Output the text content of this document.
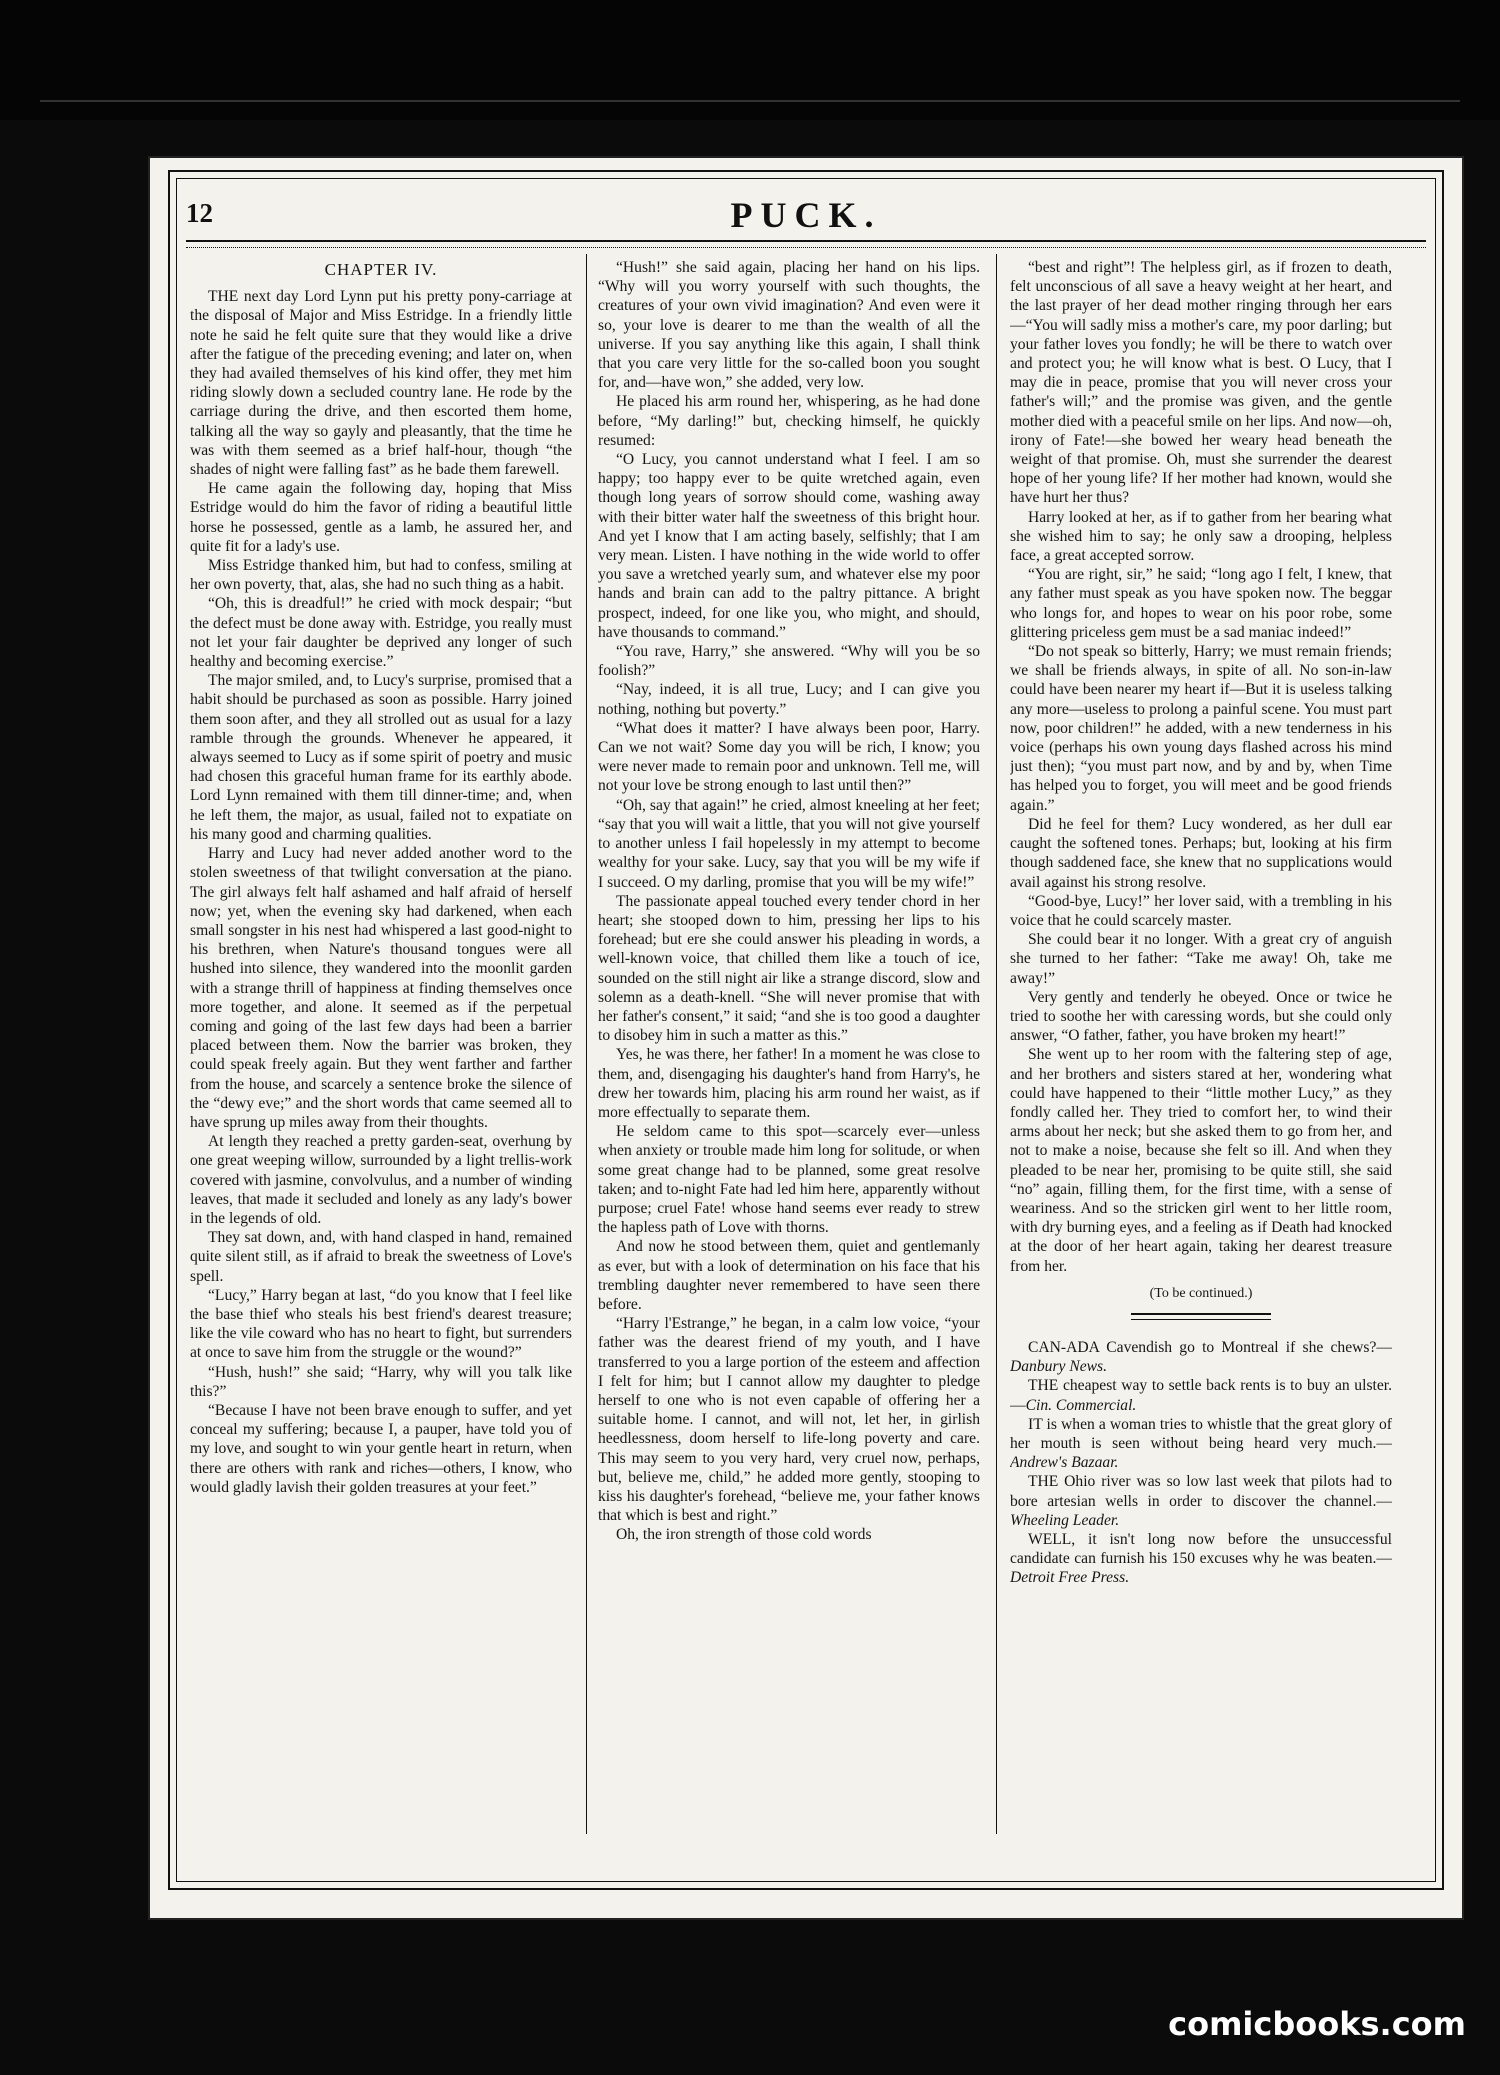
12	PUCK.
CHAPTER IV.

THE next day Lord Lynn put his pretty pony-carriage at the disposal of Major and Miss Estridge. In a friendly little note he said he felt quite sure that they would like a drive after the fatigue of the preceding evening; and later on, when they had availed themselves of his kind offer, they met him riding slowly down a secluded country lane. He rode by the carriage during the drive, and then escorted them home, talking all the way so gayly and pleasantly, that the time he was with them seemed as a brief half-hour, though “the shades of night were falling fast” as he bade them farewell.

He came again the following day, hoping that Miss Estridge would do him the favor of riding a beautiful little horse he possessed, gentle as a lamb, he assured her, and quite fit for a lady's use.

Miss Estridge thanked him, but had to confess, smiling at her own poverty, that, alas, she had no such thing as a habit.

“Oh, this is dreadful!” he cried with mock despair; “but the defect must be done away with. Estridge, you really must not let your fair daughter be deprived any longer of such healthy and becoming exercise.”

The major smiled, and, to Lucy's surprise, promised that a habit should be purchased as soon as possible. Harry joined them soon after, and they all strolled out as usual for a lazy ramble through the grounds. Whenever he appeared, it always seemed to Lucy as if some spirit of poetry and music had chosen this graceful human frame for its earthly abode. Lord Lynn remained with them till dinner-time; and, when he left them, the major, as usual, failed not to expatiate on his many good and charming qualities.

Harry and Lucy had never added another word to the stolen sweetness of that twilight conversation at the piano. The girl always felt half ashamed and half afraid of herself now; yet, when the evening sky had darkened, when each small songster in his nest had whispered a last good-night to his brethren, when Nature's thousand tongues were all hushed into silence, they wandered into the moonlit garden with a strange thrill of happiness at finding themselves once more together, and alone. It seemed as if the perpetual coming and going of the last few days had been a barrier placed between them. Now the barrier was broken, they could speak freely again. But they went farther and farther from the house, and scarcely a sentence broke the silence of the “dewy eve;” and the short words that came seemed all to have sprung up miles away from their thoughts.

At length they reached a pretty garden-seat, overhung by one great weeping willow, surrounded by a light trellis-work covered with jasmine, convolvulus, and a number of winding leaves, that made it secluded and lonely as any lady's bower in the legends of old.

They sat down, and, with hand clasped in hand, remained quite silent still, as if afraid to break the sweetness of Love's spell.

“Lucy,” Harry began at last, “do you know that I feel like the base thief who steals his best friend's dearest treasure; like the vile coward who has no heart to fight, but surrenders at once to save him from the struggle or the wound?”

“Hush, hush!” she said; “Harry, why will you talk like this?”

“Because I have not been brave enough to suffer, and yet conceal my suffering; because I, a pauper, have told you of my love, and sought to win your gentle heart in return, when there are others with rank and riches—others, I know, who would gladly lavish their golden treasures at your feet.”

“Hush!” she said again, placing her hand on his lips. “Why will you worry yourself with such thoughts, the creatures of your own vivid imagination? And even were it so, your love is dearer to me than the wealth of all the universe. If you say anything like this again, I shall think that you care very little for the so-called boon you sought for, and—have won,” she added, very low.

He placed his arm round her, whispering, as he had done before, “My darling!” but, checking himself, he quickly resumed:

“O Lucy, you cannot understand what I feel. I am so happy; too happy ever to be quite wretched again, even though long years of sorrow should come, washing away with their bitter water half the sweetness of this bright hour. And yet I know that I am acting basely, selfishly; that I am very mean. Listen. I have nothing in the wide world to offer you save a wretched yearly sum, and whatever else my poor hands and brain can add to the paltry pittance. A bright prospect, indeed, for one like you, who might, and should, have thousands to command.”

“You rave, Harry,” she answered. “Why will you be so foolish?”

“Nay, indeed, it is all true, Lucy; and I can give you nothing, nothing but poverty.”

“What does it matter? I have always been poor, Harry. Can we not wait? Some day you will be rich, I know; you were never made to remain poor and unknown. Tell me, will not your love be strong enough to last until then?”

“Oh, say that again!” he cried, almost kneeling at her feet; “say that you will wait a little, that you will not give yourself to another unless I fail hopelessly in my attempt to become wealthy for your sake. Lucy, say that you will be my wife if I succeed. O my darling, promise that you will be my wife!”

The passionate appeal touched every tender chord in her heart; she stooped down to him, pressing her lips to his forehead; but ere she could answer his pleading in words, a well-known voice, that chilled them like a touch of ice, sounded on the still night air like a strange discord, slow and solemn as a death-knell. “She will never promise that with her father's consent,” it said; “and she is too good a daughter to disobey him in such a matter as this.”

Yes, he was there, her father! In a moment he was close to them, and, disengaging his daughter's hand from Harry's, he drew her towards him, placing his arm round her waist, as if more effectually to separate them.

He seldom came to this spot—scarcely ever—unless when anxiety or trouble made him long for solitude, or when some great change had to be planned, some great resolve taken; and to-night Fate had led him here, apparently without purpose; cruel Fate! whose hand seems ever ready to strew the hapless path of Love with thorns.

And now he stood between them, quiet and gentlemanly as ever, but with a look of determination on his face that his trembling daughter never remembered to have seen there before.

“Harry l'Estrange,” he began, in a calm low voice, “your father was the dearest friend of my youth, and I have transferred to you a large portion of the esteem and affection I felt for him; but I cannot allow my daughter to pledge herself to one who is not even capable of offering her a suitable home. I cannot, and will not, let her, in girlish heedlessness, doom herself to life-long poverty and care. This may seem to you very hard, very cruel now, perhaps, but, believe me, child,” he added more gently, stooping to kiss his daughter's forehead, “believe me, your father knows that which is best and right.”

Oh, the iron strength of those cold words

“best and right”! The helpless girl, as if frozen to death, felt unconscious of all save a heavy weight at her heart, and the last prayer of her dead mother ringing through her ears—“You will sadly miss a mother's care, my poor darling; but your father loves you fondly; he will be there to watch over and protect you; he will know what is best. O Lucy, that I may die in peace, promise that you will never cross your father's will;” and the promise was given, and the gentle mother died with a peaceful smile on her lips. And now—oh, irony of Fate!—she bowed her weary head beneath the weight of that promise. Oh, must she surrender the dearest hope of her young life? If her mother had known, would she have hurt her thus?

Harry looked at her, as if to gather from her bearing what she wished him to say; he only saw a drooping, helpless face, a great accepted sorrow.

“You are right, sir,” he said; “long ago I felt, I knew, that any father must speak as you have spoken now. The beggar who longs for, and hopes to wear on his poor robe, some glittering priceless gem must be a sad maniac indeed!”

“Do not speak so bitterly, Harry; we must remain friends; we shall be friends always, in spite of all. No son-in-law could have been nearer my heart if—But it is useless talking any more—useless to prolong a painful scene. You must part now, poor children!” he added, with a new tenderness in his voice (perhaps his own young days flashed across his mind just then); “you must part now, and by and by, when Time has helped you to forget, you will meet and be good friends again.”

Did he feel for them? Lucy wondered, as her dull ear caught the softened tones. Perhaps; but, looking at his firm though saddened face, she knew that no supplications would avail against his strong resolve.

“Good-bye, Lucy!” her lover said, with a trembling in his voice that he could scarcely master.

She could bear it no longer. With a great cry of anguish she turned to her father: “Take me away! Oh, take me away!”

Very gently and tenderly he obeyed. Once or twice he tried to soothe her with caressing words, but she could only answer, “O father, father, you have broken my heart!”

She went up to her room with the faltering step of age, and her brothers and sisters stared at her, wondering what could have happened to their “little mother Lucy,” as they fondly called her. They tried to comfort her, to wind their arms about her neck; but she asked them to go from her, and not to make a noise, because she felt so ill. And when they pleaded to be near her, promising to be quite still, she said “no” again, filling them, for the first time, with a sense of weariness. And so the stricken girl went to her little room, with dry burning eyes, and a feeling as if Death had knocked at the door of her heart again, taking her dearest treasure from her.

(To be continued.)

CAN-ADA Cavendish go to Montreal if she chews?—Danbury News.

THE cheapest way to settle back rents is to buy an ulster.—Cin. Commercial.

IT is when a woman tries to whistle that the great glory of her mouth is seen without being heard very much.—Andrew's Bazaar.

THE Ohio river was so low last week that pilots had to bore artesian wells in order to discover the channel.—Wheeling Leader.

WELL, it isn't long now before the unsuccessful candidate can furnish his 150 excuses why he was beaten.—Detroit Free Press.

comicbooks.com
